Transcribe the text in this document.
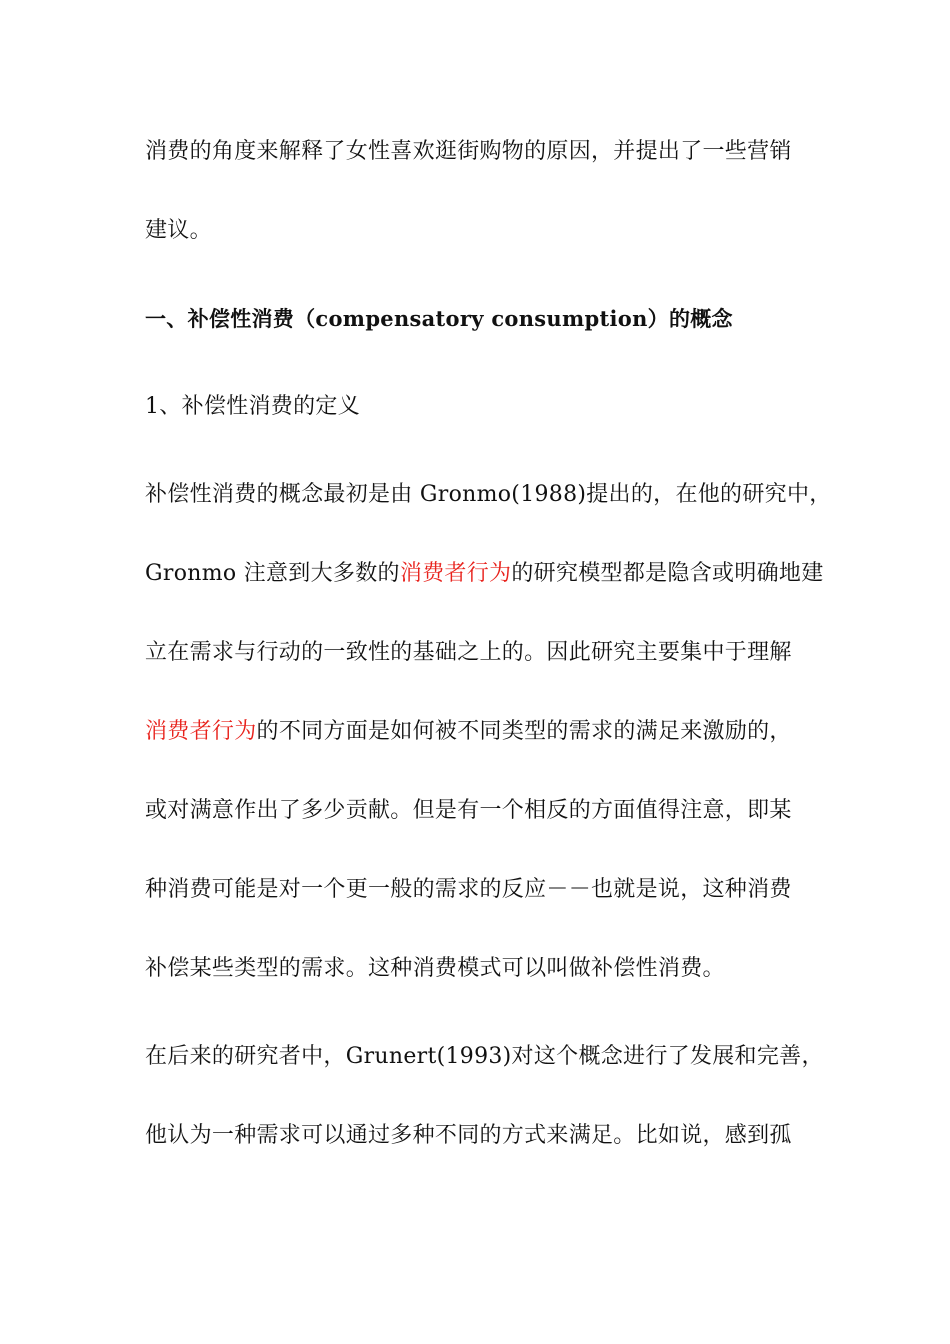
消费的角度来解释了女性喜欢逛街购物的原因，并提出了一些营销
建议。
一、补偿性消费（compensatory consumption）的概念
1、补偿性消费的定义
补偿性消费的概念最初是由 Gronmo(1988)提出的，在他的研究中，
Gronmo 注意到大多数的消费者行为的研究模型都是隐含或明确地建
立在需求与行动的一致性的基础之上的。因此研究主要集中于理解
消费者行为的不同方面是如何被不同类型的需求的满足来激励的，
或对满意作出了多少贡献。但是有一个相反的方面值得注意，即某
种消费可能是对一个更一般的需求的反应－－也就是说，这种消费
补偿某些类型的需求。这种消费模式可以叫做补偿性消费。
在后来的研究者中，Grunert(1993)对这个概念进行了发展和完善，
他认为一种需求可以通过多种不同的方式来满足。比如说，感到孤
